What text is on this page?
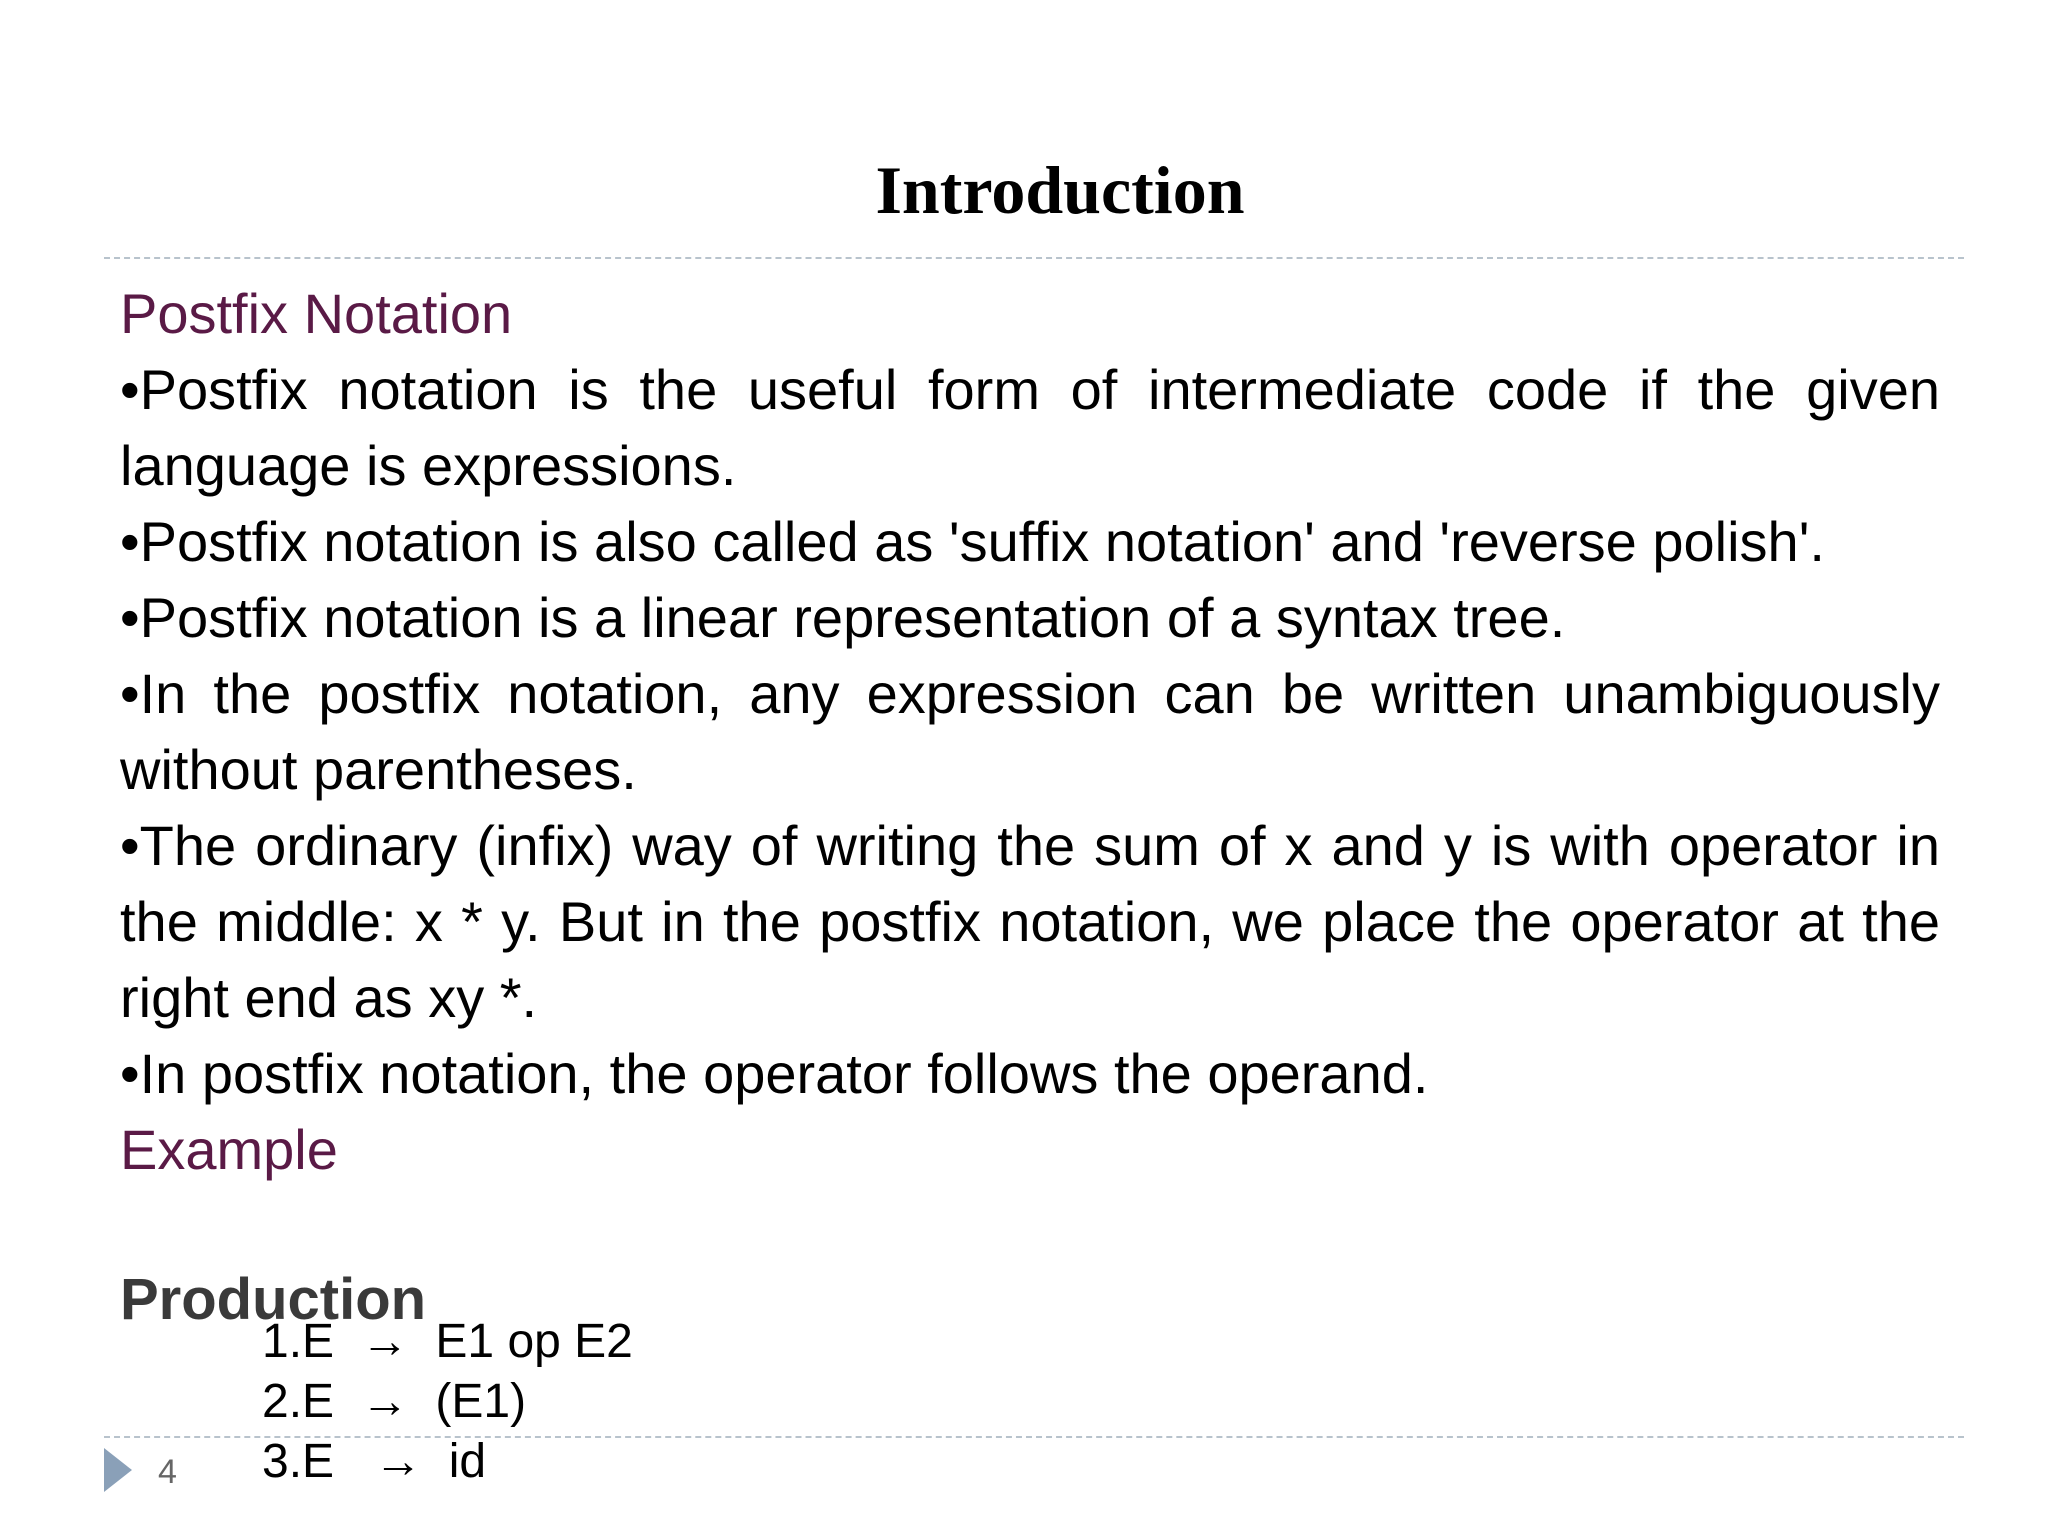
Introduction
Postfix Notation
•Postfix notation is the useful form of intermediate code if the given language is expressions.
•Postfix notation is also called as 'suffix notation' and 'reverse polish'.
•Postfix notation is a linear representation of a syntax tree.
•In the postfix notation, any expression can be written unambiguously without parentheses.
•The ordinary (infix) way of writing the sum of x and y is with operator in the middle: x * y. But in the postfix notation, we place the operator at the right end as xy *.
•In postfix notation, the operator follows the operand.
Example
Production
1.E  →  E1 op E2
2.E  →  (E1)
3.E   →  id
4
